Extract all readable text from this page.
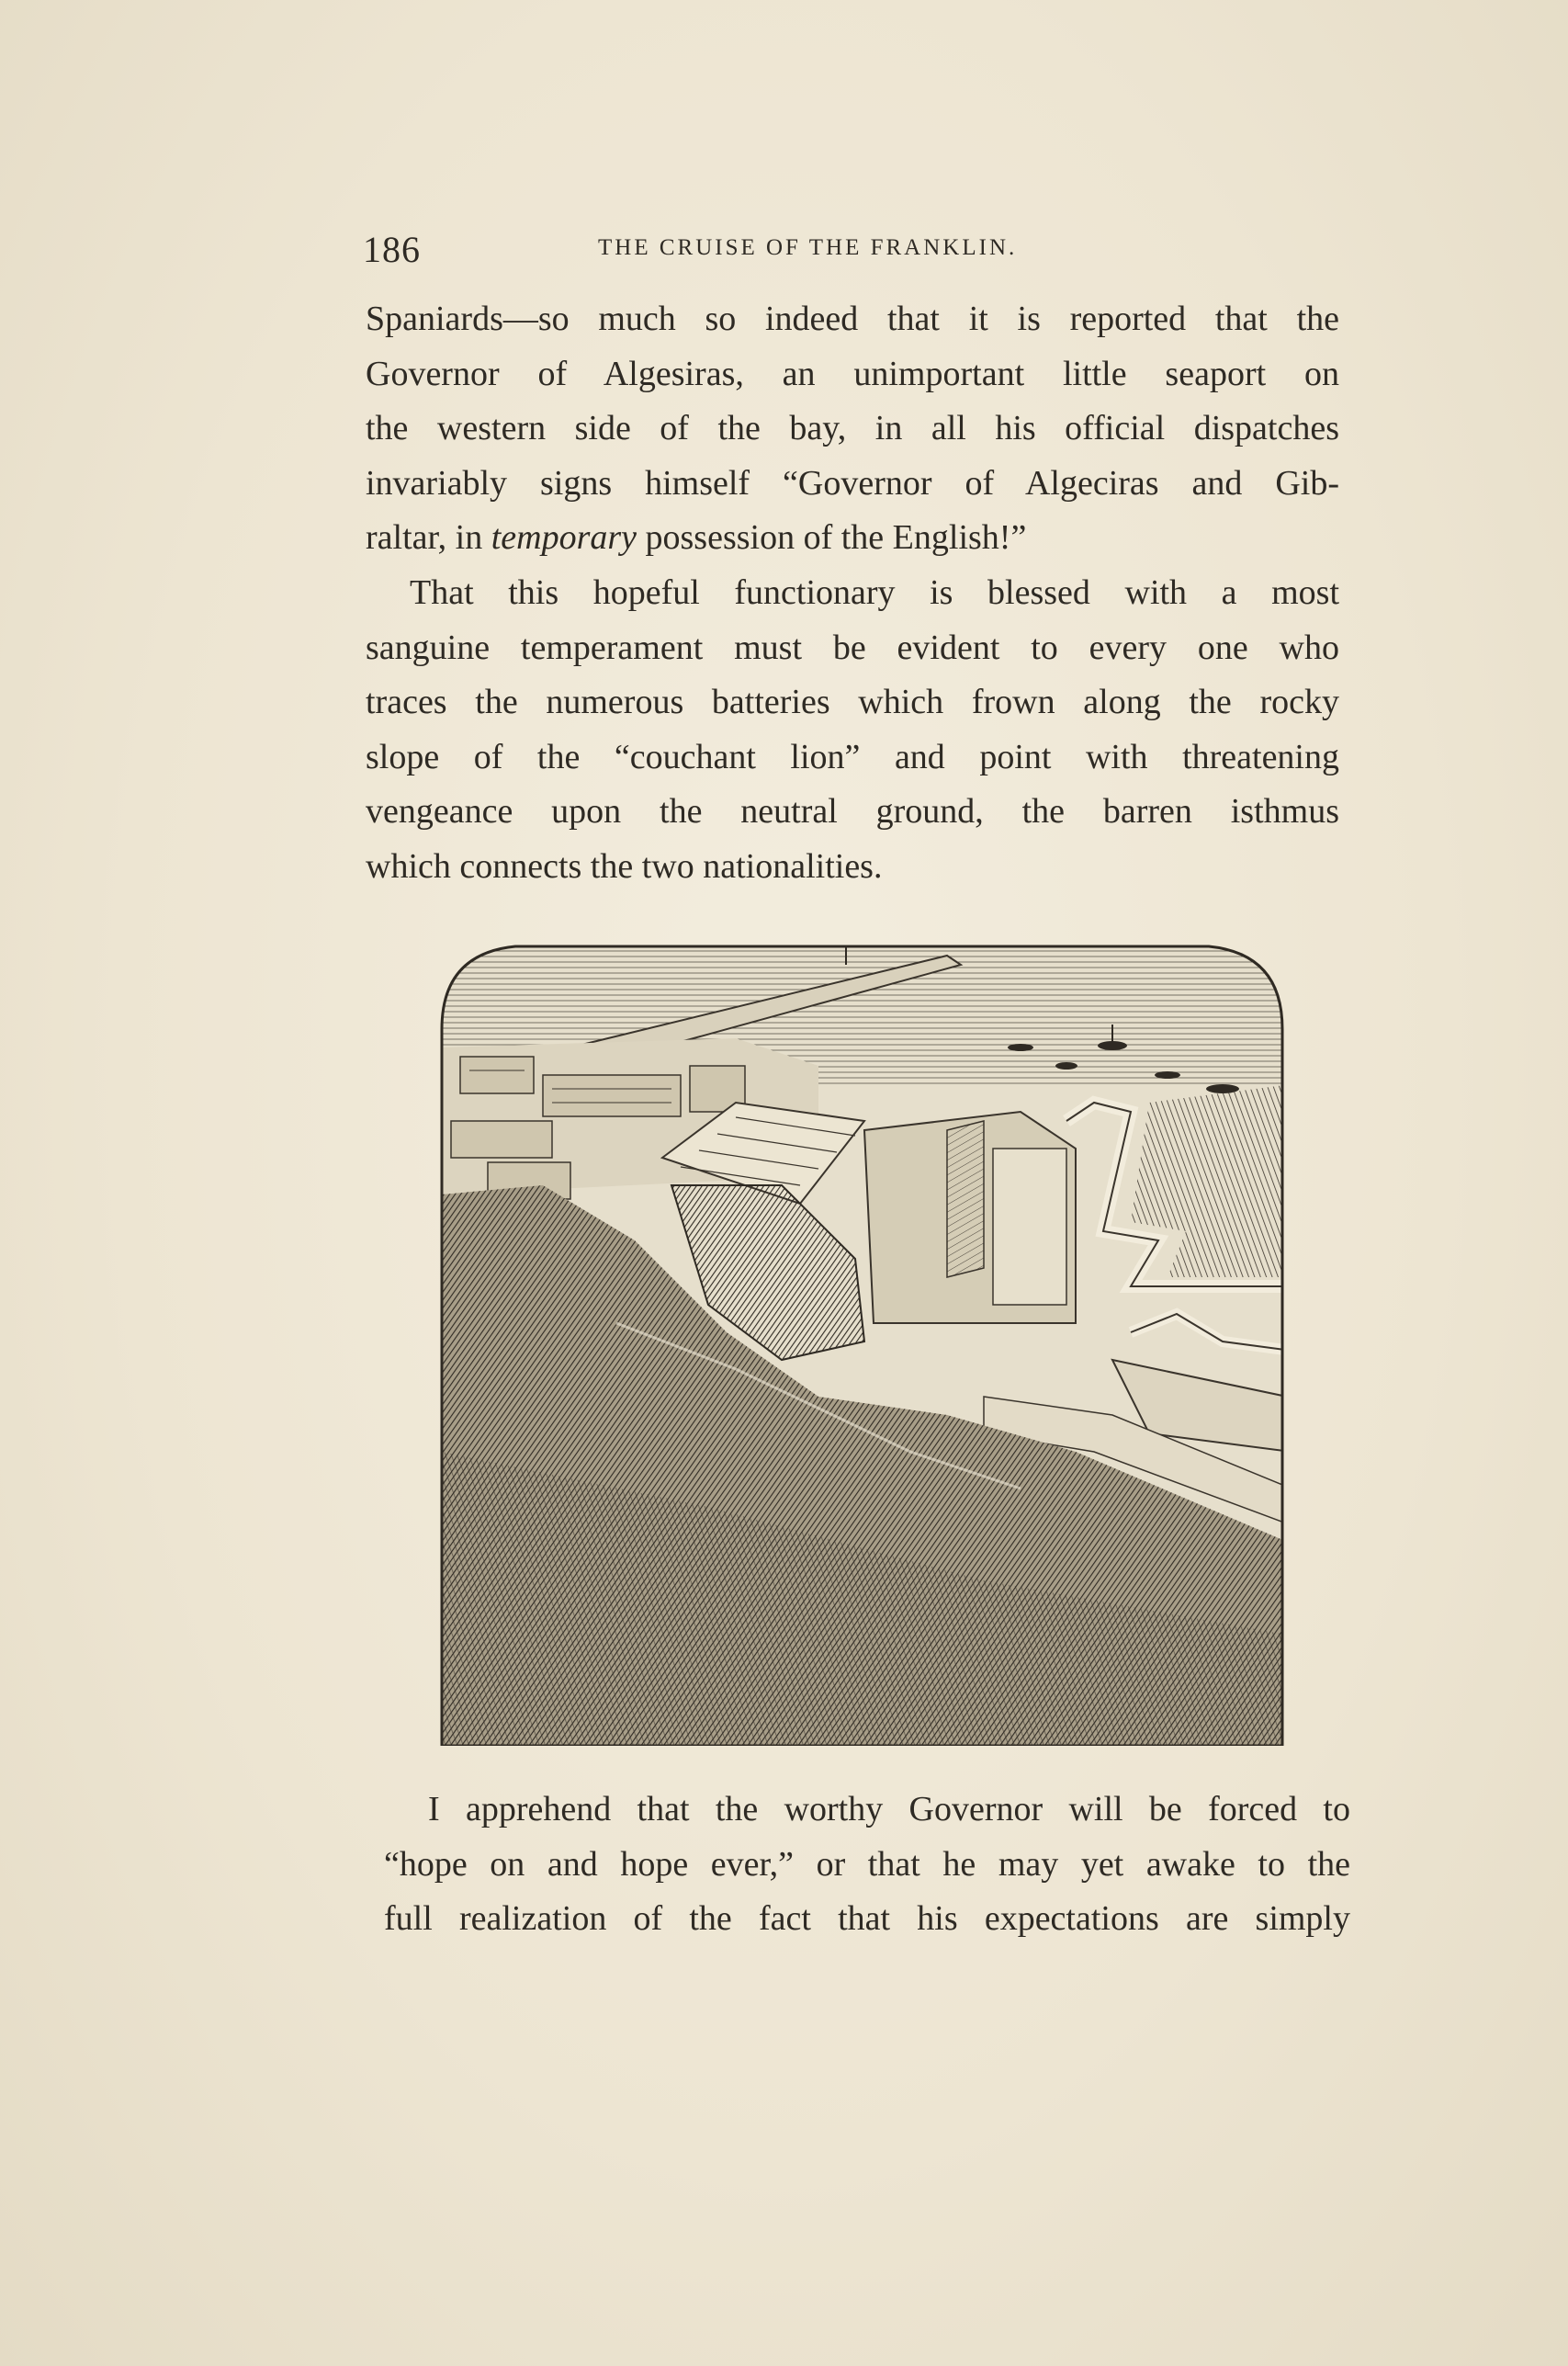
186	THE CRUISE OF THE FRANKLIN.
Spaniards—so much so indeed that it is reported that the
Governor of Algesiras, an unimportant little seaport on
the western side of the bay, in all his official dispatches
invariably signs himself “Governor of Algeciras and Gib-
raltar, in temporary possession of the English!”
That this hopeful functionary is blessed with a most
sanguine temperament must be evident to every one who
traces the numerous batteries which frown along the rocky
slope of the “couchant lion” and point with threatening
vengeance upon the neutral ground, the barren isthmus
which connects the two nationalities.
I apprehend that the worthy Governor will be forced to
“hope on and hope ever,” or that he may yet awake to the
full realization of the fact that his expectations are simply
